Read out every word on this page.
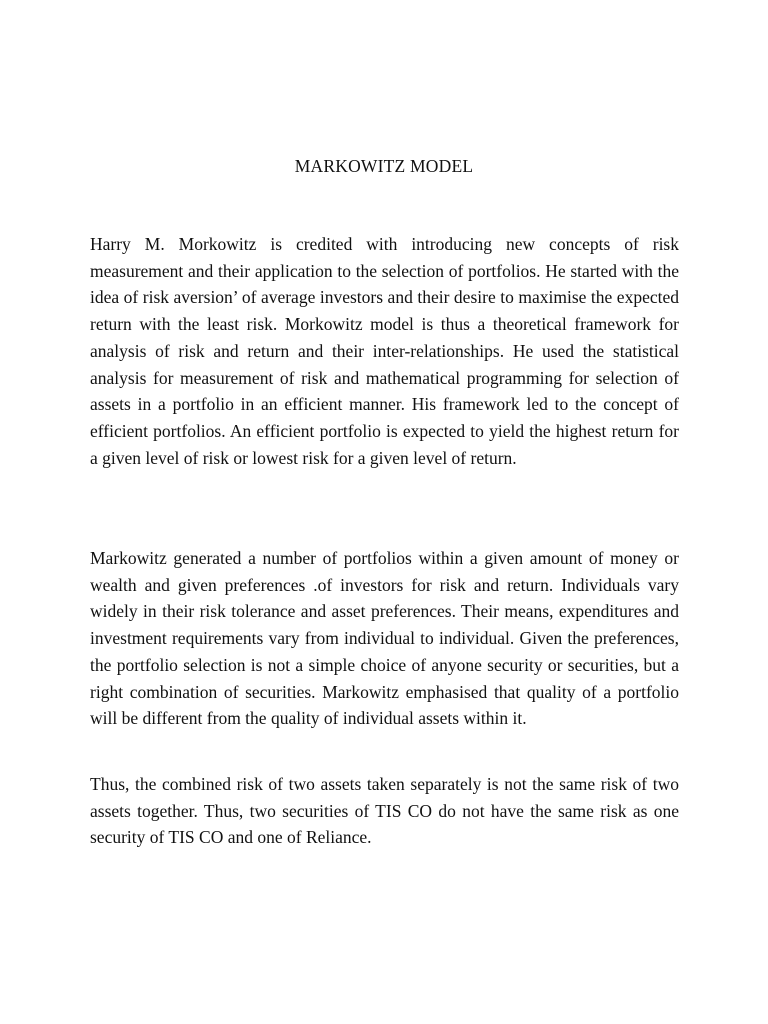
MARKOWITZ MODEL

Harry M. Morkowitz is credited with introducing new concepts of risk measurement and their application to the selection of portfolios. He started with the idea of risk aversion’ of average investors and their desire to maximise the expected return with the least risk. Morkowitz model is thus a theoretical framework for analysis of risk and return and their inter-relationships. He used the statistical analysis for measurement of risk and mathematical programming for selection of assets in a portfolio in an efficient manner. His framework led to the concept of efficient portfolios. An efficient portfolio is expected to yield the highest return for a given level of risk or lowest risk for a given level of return.

Markowitz generated a number of portfolios within a given amount of money or wealth and given preferences .of investors for risk and return. Individuals vary widely in their risk tolerance and asset preferences. Their means, expenditures and investment requirements vary from individual to individual. Given the preferences, the portfolio selection is not a simple choice of anyone security or securities, but a right combination of securities. Markowitz emphasised that quality of a portfolio will be different from the quality of individual assets within it.

Thus, the combined risk of two assets taken separately is not the same risk of two assets together. Thus, two securities of TIS CO do not have the same risk as one security of TIS CO and one of Reliance.
